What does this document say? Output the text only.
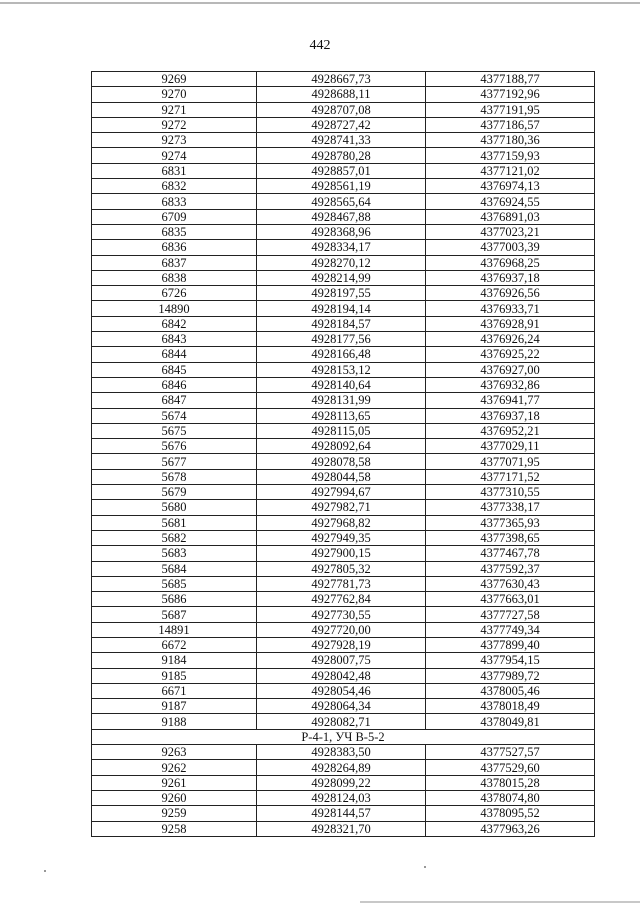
442
9269	4928667,73	4377188,77
9270	4928688,11	4377192,96
9271	4928707,08	4377191,95
9272	4928727,42	4377186,57
9273	4928741,33	4377180,36
9274	4928780,28	4377159,93
6831	4928857,01	4377121,02
6832	4928561,19	4376974,13
6833	4928565,64	4376924,55
6709	4928467,88	4376891,03
6835	4928368,96	4377023,21
6836	4928334,17	4377003,39
6837	4928270,12	4376968,25
6838	4928214,99	4376937,18
6726	4928197,55	4376926,56
14890	4928194,14	4376933,71
6842	4928184,57	4376928,91
6843	4928177,56	4376926,24
6844	4928166,48	4376925,22
6845	4928153,12	4376927,00
6846	4928140,64	4376932,86
6847	4928131,99	4376941,77
5674	4928113,65	4376937,18
5675	4928115,05	4376952,21
5676	4928092,64	4377029,11
5677	4928078,58	4377071,95
5678	4928044,58	4377171,52
5679	4927994,67	4377310,55
5680	4927982,71	4377338,17
5681	4927968,82	4377365,93
5682	4927949,35	4377398,65
5683	4927900,15	4377467,78
5684	4927805,32	4377592,37
5685	4927781,73	4377630,43
5686	4927762,84	4377663,01
5687	4927730,55	4377727,58
14891	4927720,00	4377749,34
6672	4927928,19	4377899,40
9184	4928007,75	4377954,15
9185	4928042,48	4377989,72
6671	4928054,46	4378005,46
9187	4928064,34	4378018,49
9188	4928082,71	4378049,81
Р-4-1, УЧ В-5-2		
9263	4928383,50	4377527,57
9262	4928264,89	4377529,60
9261	4928099,22	4378015,28
9260	4928124,03	4378074,80
9259	4928144,57	4378095,52
9258	4928321,70	4377963,26
